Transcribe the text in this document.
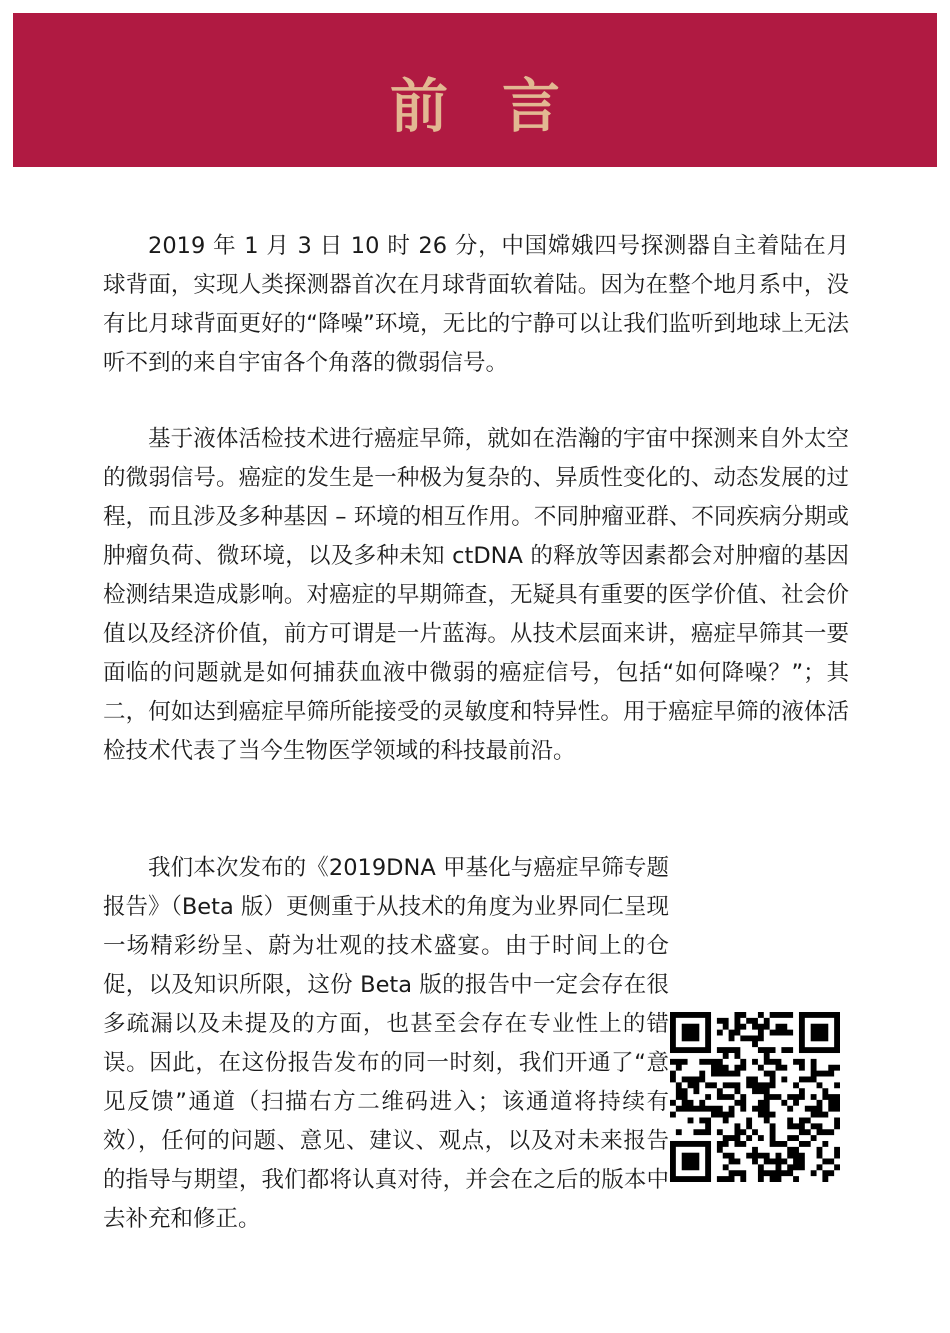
前言

2019 年 1 月 3 日 10 时 26 分，中国嫦娥四号探测器自主着陆在月球背面，实现人类探测器首次在月球背面软着陆。因为在整个地月系中，没有比月球背面更好的“降噪”环境，无比的宁静可以让我们监听到地球上无法听不到的来自宇宙各个角落的微弱信号。

基于液体活检技术进行癌症早筛，就如在浩瀚的宇宙中探测来自外太空的微弱信号。癌症的发生是一种极为复杂的、异质性变化的、动态发展的过程，而且涉及多种基因 – 环境的相互作用。不同肿瘤亚群、不同疾病分期或肿瘤负荷、微环境，以及多种未知 ctDNA 的释放等因素都会对肿瘤的基因检测结果造成影响。对癌症的早期筛查，无疑具有重要的医学价值、社会价值以及经济价值，前方可谓是一片蓝海。从技术层面来讲，癌症早筛其一要面临的问题就是如何捕获血液中微弱的癌症信号，包括“如何降噪？”；其二，何如达到癌症早筛所能接受的灵敏度和特异性。用于癌症早筛的液体活检技术代表了当今生物医学领域的科技最前沿。

我们本次发布的《2019DNA 甲基化与癌症早筛专题报告》（Beta 版）更侧重于从技术的角度为业界同仁呈现一场精彩纷呈、蔚为壮观的技术盛宴。由于时间上的仓促，以及知识所限，这份 Beta 版的报告中一定会存在很多疏漏以及未提及的方面，也甚至会存在专业性上的错误。因此，在这份报告发布的同一时刻，我们开通了“意见反馈”通道（扫描右方二维码进入；该通道将持续有效），任何的问题、意见、建议、观点，以及对未来报告的指导与期望，我们都将认真对待，并会在之后的版本中去补充和修正。
